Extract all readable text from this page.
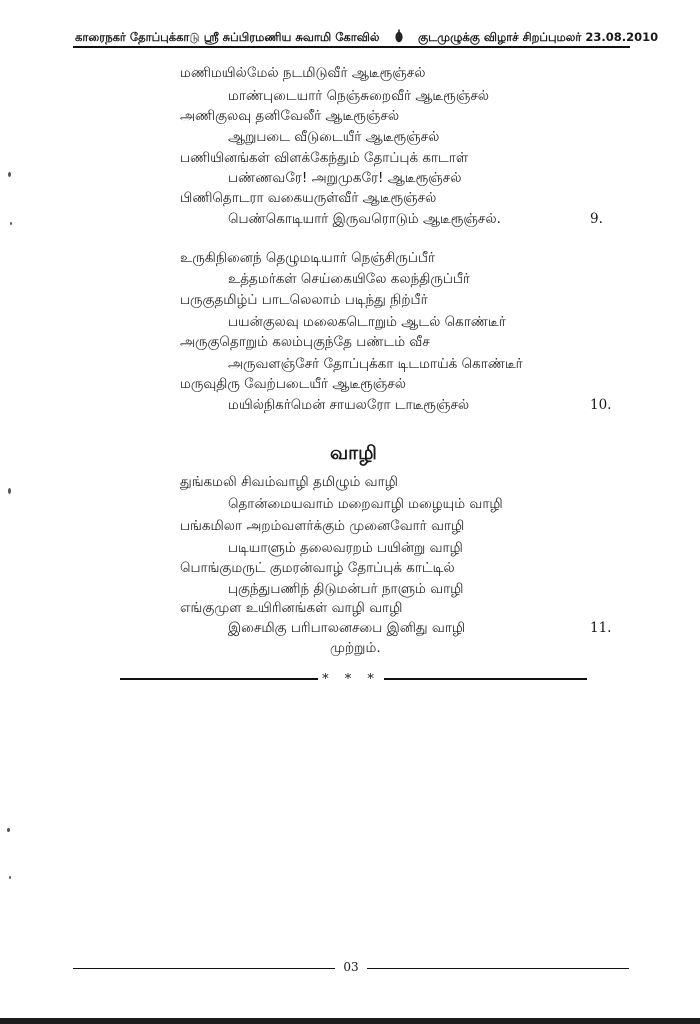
காரைநகர் தோப்புக்காடு ஸ்ரீ சுப்பிரமணிய சுவாமி கோவில்	குடமுழுக்கு விழாச் சிறப்புமலர் 23.08.2010
மணிமயில்மேல் நடமிடுவீர் ஆடீரூஞ்சல்
மாண்புடையார் நெஞ்சுறைவீர் ஆடீரூஞ்சல்
அணிகுலவு தனிவேலீர் ஆடீரூஞ்சல்
ஆறுபடை வீடுடையீர் ஆடீரூஞ்சல்
பணியினங்கள் விளக்கேந்தும் தோப்புக் காடாள்
பண்ணவரே! அறுமுகரே! ஆடீரூஞ்சல்
பிணிதொடரா வகையருள்வீர் ஆடீரூஞ்சல்
பெண்கொடியார் இருவரொடும் ஆடீரூஞ்சல்.	9.
உருகிநினைந் தெழுமடியார் நெஞ்சிருப்பீர்
உத்தமர்கள் செய்கையிலே கலந்திருப்பீர்
பருகுதமிழ்ப் பாடலெலாம் படிந்து நிற்பீர்
பயன்குலவு மலைகடொறும் ஆடல் கொண்டீர்
அருகுதொறும் கலம்புகுந்தே பண்டம் வீச
அருவளஞ்சேர் தோப்புக்கா டிடமாய்க் கொண்டீர்
மருவுதிரு வேற்படையீர் ஆடீரூஞ்சல்
மயில்நிகர்மென் சாயலரோ டாடீரூஞ்சல்	10.
வாழி
துங்கமலி சிவம்வாழி தமிழும் வாழி
தொன்மையவாம் மறைவாழி மழையும் வாழி
பங்கமிலா அறம்வளர்க்கும் முனைவோர் வாழி
படியாளும் தலைவரறம் பயின்று வாழி
பொங்குமருட் குமரன்வாழ் தோப்புக் காட்டில்
புகுந்துபணிந் திடுமன்பர் நாளும் வாழி
எங்குமுள உயிரினங்கள் வாழி வாழி
இசைமிகு பரிபாலனசபை இனிது வாழி	11.
முற்றும்.
* * *
03
